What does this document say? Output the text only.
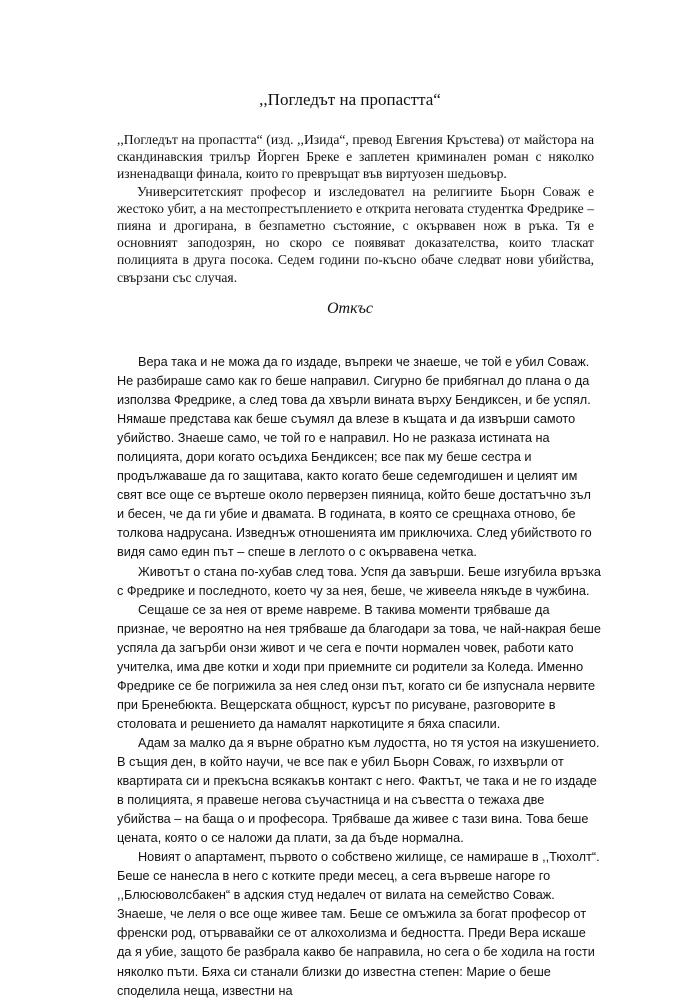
,,Погледът на пропастта“

,,Погледът на пропастта“ (изд. ,,Изида“, превод Евгения Кръстева) от майстора на скандинавския трилър Йорген Бреке е заплетен криминален роман с няколко изненадващи финала, които го превръщат във виртуозен шедьовър.

Университетският професор и изследовател на религиите Бьорн Соваж е жестоко убит, а на местопрестъплението е открита неговата студентка Фредрике – пияна и дрогирана, в безпаметно състояние, с окървавен нож в ръка. Тя е основният заподозрян, но скоро се появяват доказателства, които тласкат полицията в друга посока. Седем години по-късно обаче следват нови убийства, свързани със случая.

Откъс

Вера така и не можа да го издаде, въпреки че знаеше, че той е убил Соваж. Не разбираше само как го беше направил. Сигурно бе прибягнал до плана о да използва Фредрике, а след това да хвърли вината върху Бендиксен, и бе успял. Нямаше представа как беше съумял да влезе в къщата и да извърши самото убийство. Знаеше само, че той го е направил. Но не разказа истината на полицията, дори когато осъдиха Бендиксен; все пак му беше сестра и продължаваше да го защитава, както когато беше седемгодишен и целият им свят все още се въртеше около перверзен пияница, който беше достатъчно зъл и бесен, че да ги убие и двамата. В годината, в която се срещнаха отново, бе толкова надрусана. Изведнъж отношенията им приключиха. След убийството го видя само един път – спеше в леглото о с окървавена четка.

Животът о стана по-хубав след това. Успя да завърши. Беше изгубила връзка с Фредрике и последното, което чу за нея, беше, че живеела някъде в чужбина.

Сещаше се за нея от време навреме. В такива моменти трябваше да признае, че вероятно на нея трябваше да благодари за това, че най-накрая беше успяла да загърби онзи живот и че сега е почти нормален човек, работи като учителка, има две котки и ходи при приемните си родители за Коледа. Именно Фредрике се бе погрижила за нея след онзи път, когато си бе изпуснала нервите при Бренебюкта. Вещерската общност, курсът по рисуване, разговорите в столовата и решението да намалят наркотиците я бяха спасили.

Адам за малко да я върне обратно към лудостта, но тя устоя на изкушението. В същия ден, в който научи, че все пак е убил Бьорн Соваж, го изхвърли от квартирата си и прекъсна всякакъв контакт с него. Фактът, че така и не го издаде в полицията, я правеше негова съучастница и на съвестта о тежаха две убийства – на баща о и професора. Трябваше да живее с тази вина. Това беше цената, която о се наложи да плати, за да бъде нормална.

Новият о апартамент, първото о собствено жилище, се намираше в ,,Тюхолт“. Беше се нанесла в него с котките преди месец, а сега вървеше нагоре го ,,Блюсюволсбакен“ в адския студ недалеч от вилата на семейство Соваж. Знаеше, че леля о все още живее там. Беше се омъжила за богат професор от френски род, отървавайки се от алкохолизма и бедността. Преди Вера искаше да я убие, защото бе разбрала какво бе направила, но сега о бе ходила на гости няколко пъти. Бяха си станали близки до известна степен: Марие о беше споделила неща, известни на
